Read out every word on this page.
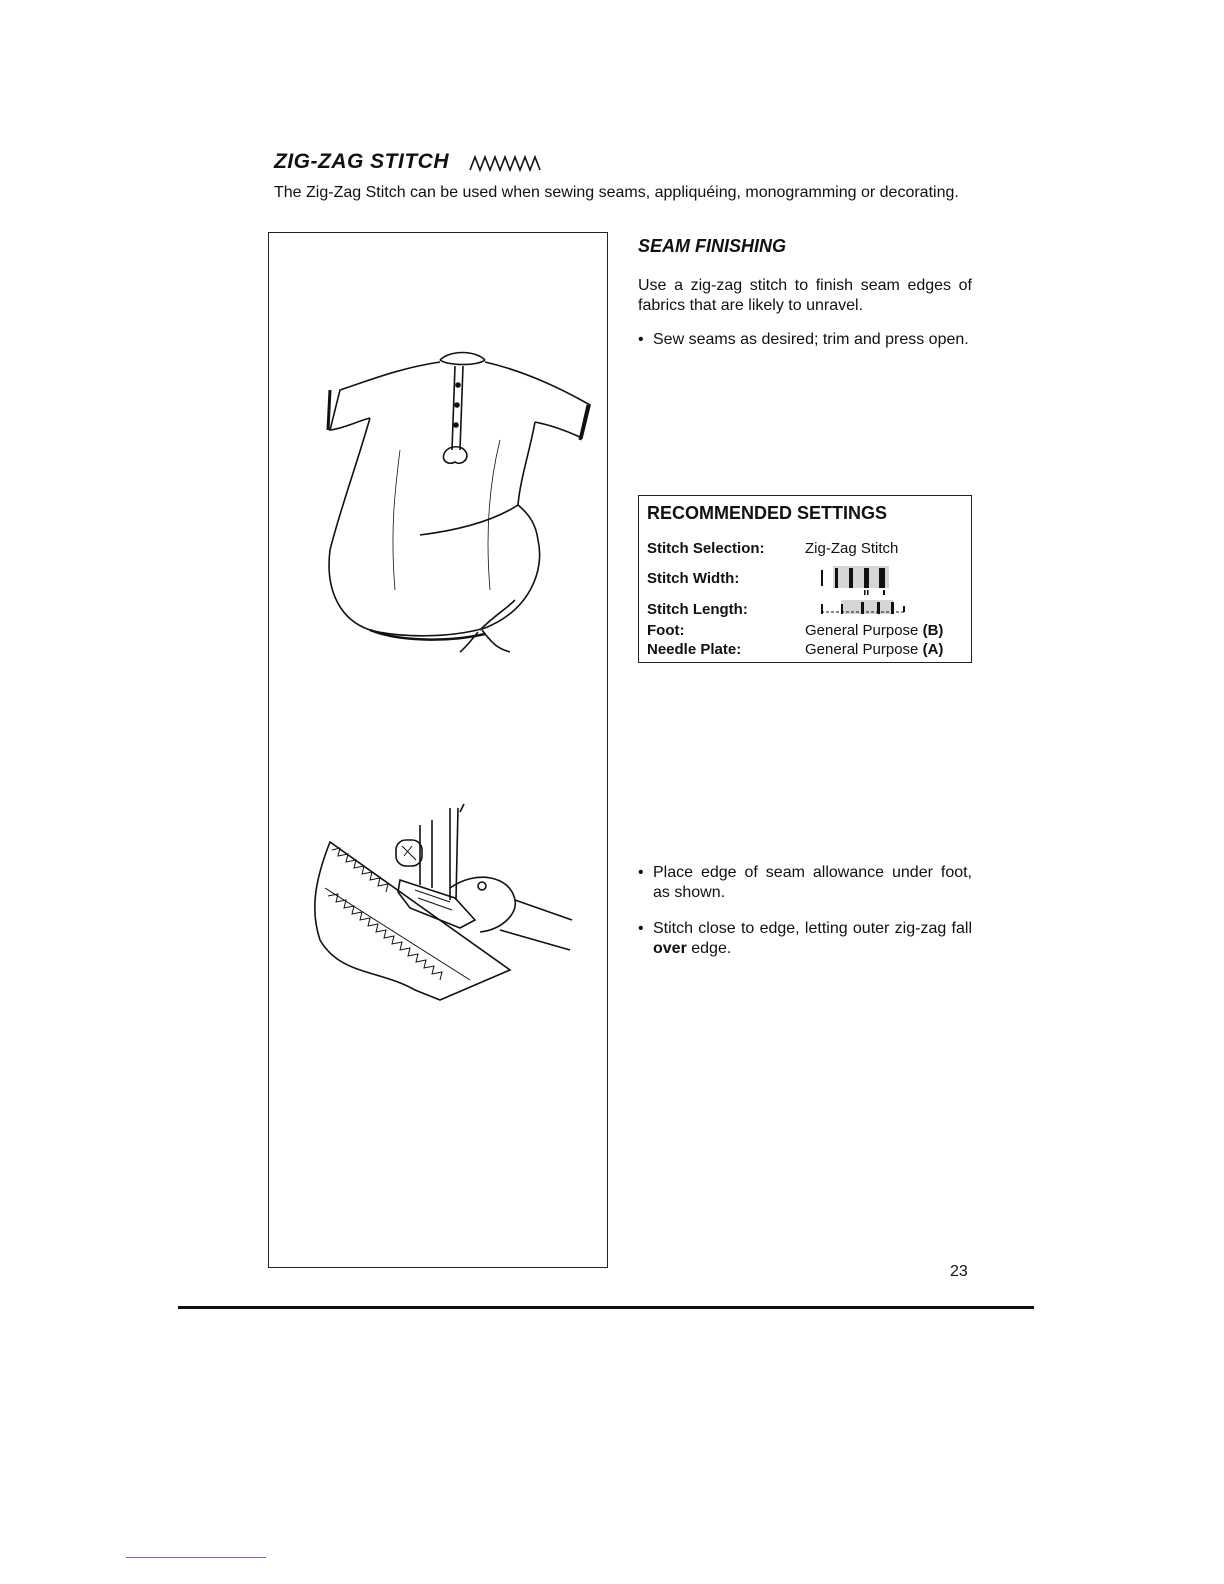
ZIG-ZAG STITCH
The Zig-Zag Stitch can be used when sewing seams, appliquéing, monogramming or decorating.
SEAM FINISHING
Use a zig-zag stitch to finish seam edges of fabrics that are likely to unravel.
• Sew seams as desired; trim and press open.
RECOMMENDED SETTINGS
Stitch Selection:	Zig-Zag Stitch
Stitch Width:
Stitch Length:
Foot:	General Purpose (B)
Needle Plate:	General Purpose (A)
• Place edge of seam allowance under foot, as shown.
• Stitch close to edge, letting outer zig-zag fall over edge.
23
